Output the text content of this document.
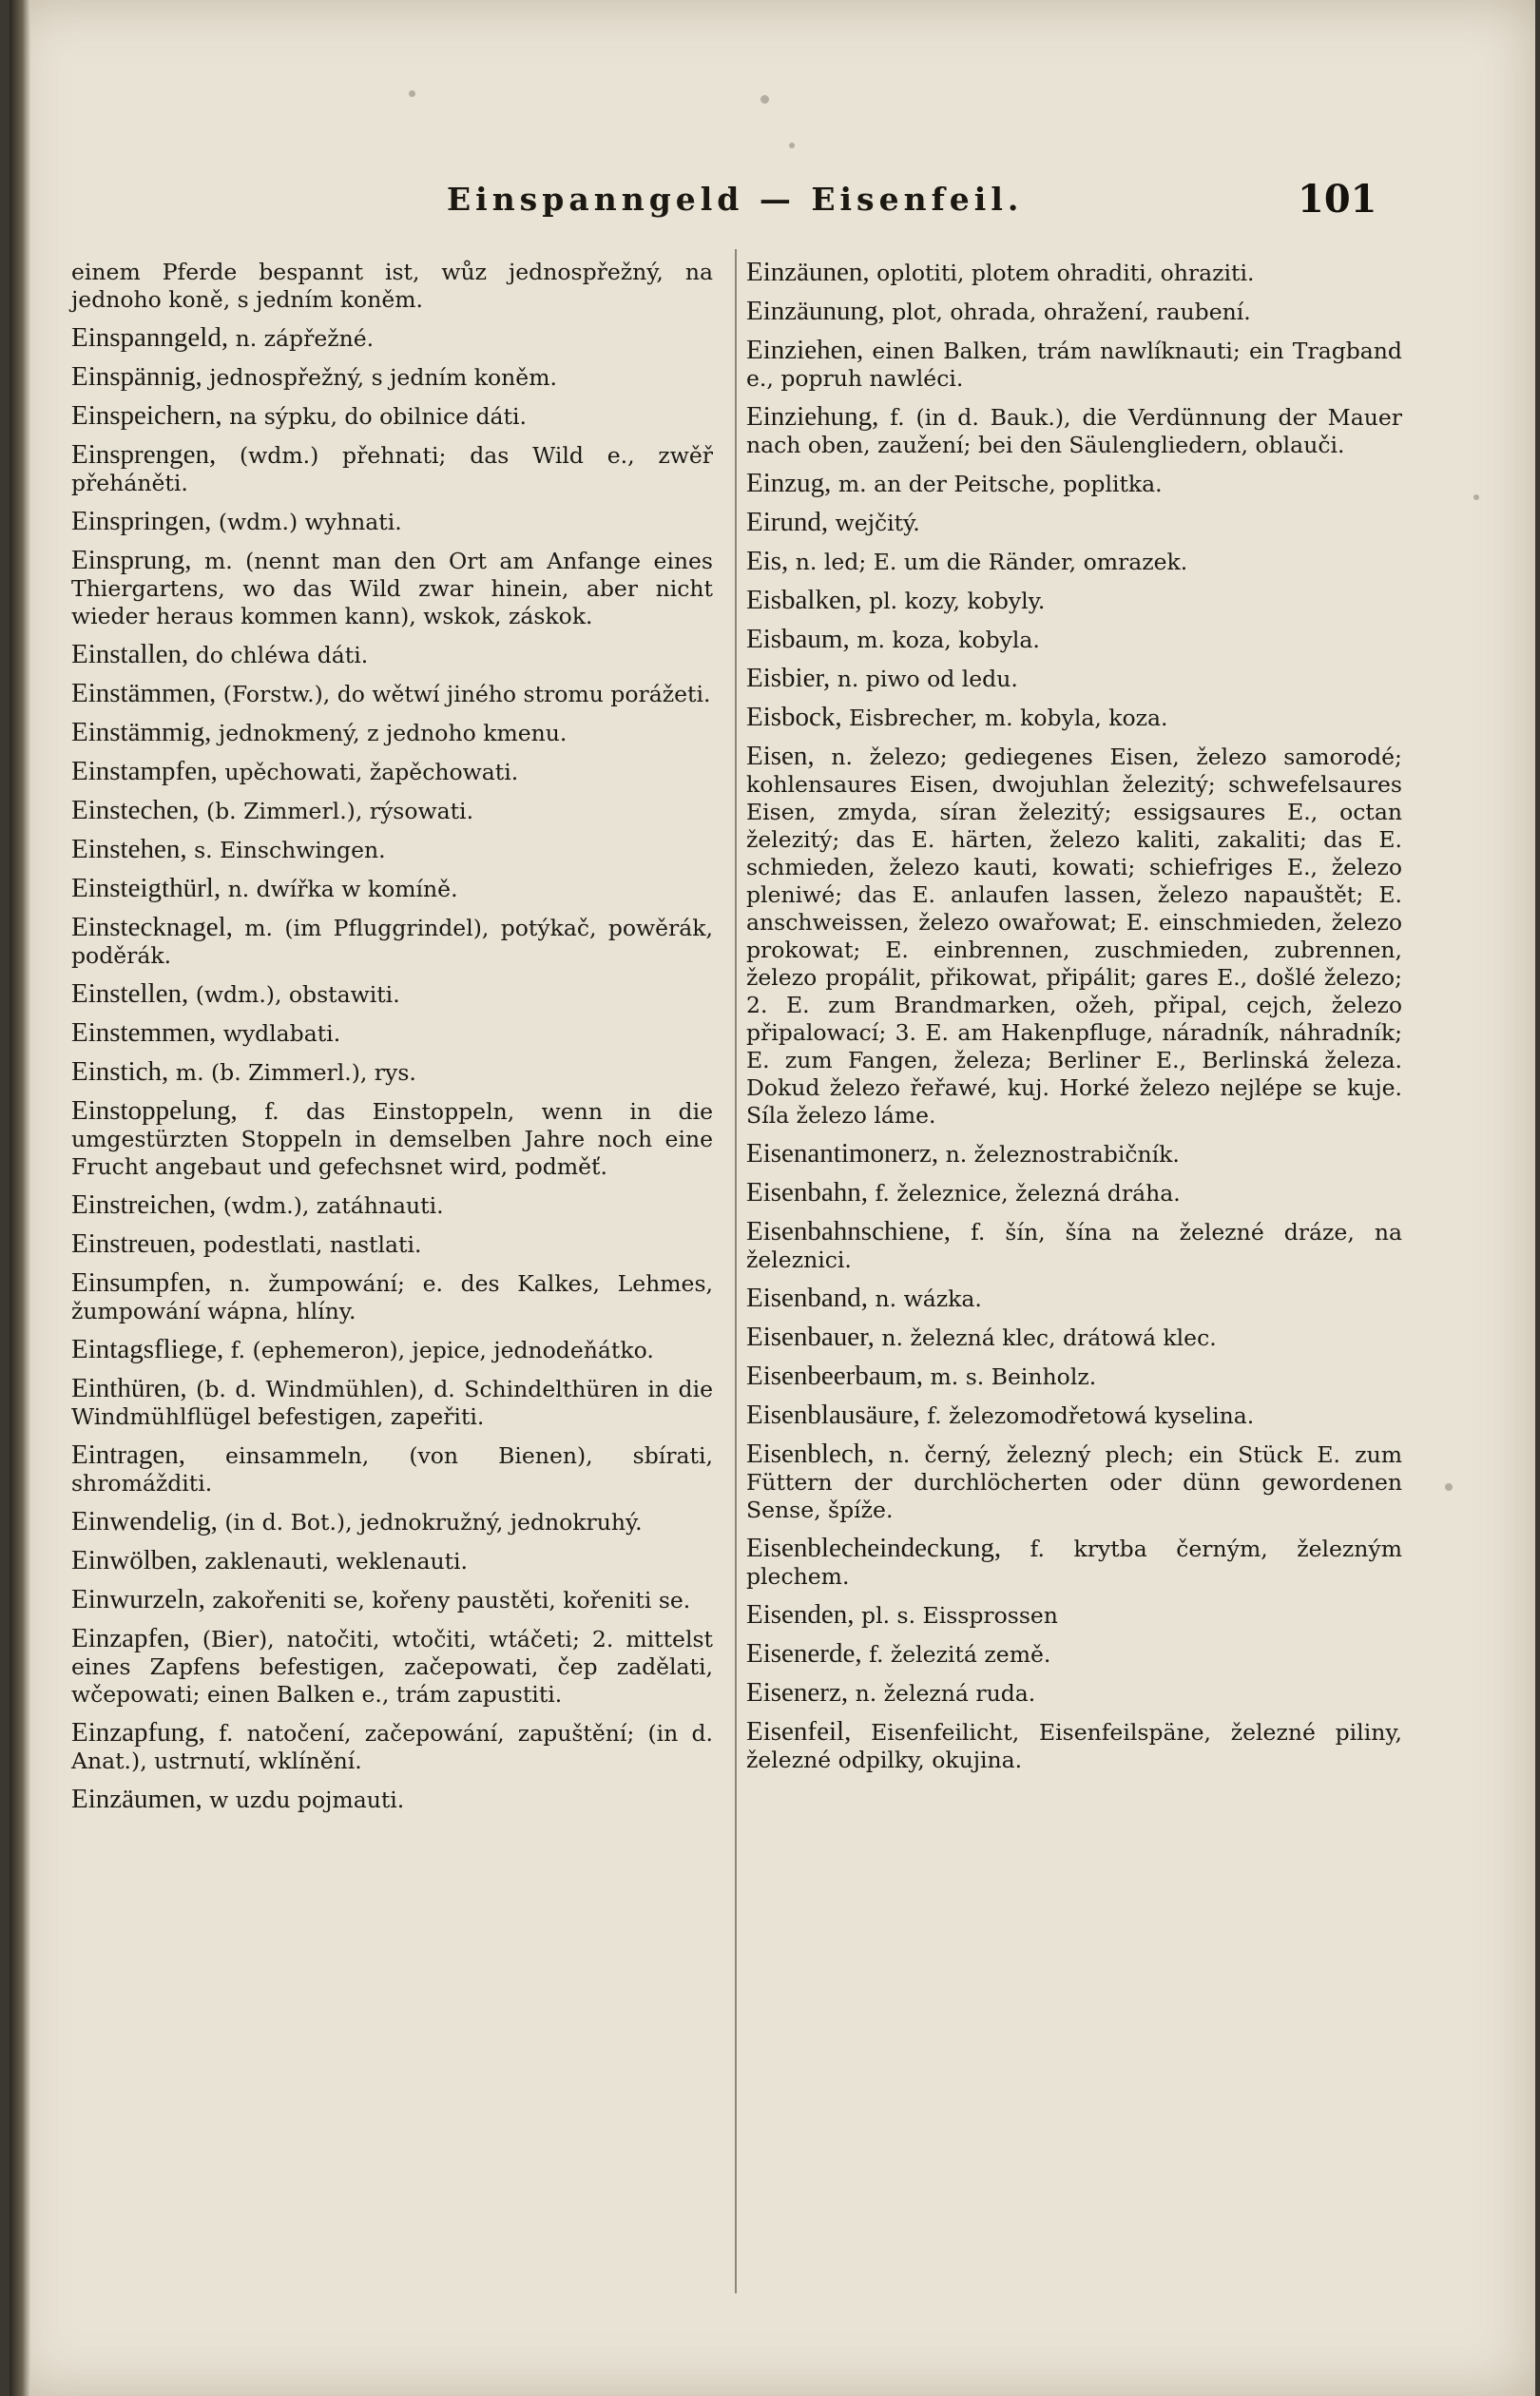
Einspanngeld — Eisenfeil.	101
einem Pferde bespannt ist, wůz jednospřežný, na jednoho koně, s jedním koněm.
Einspanngeld, n. zápřežné.
Einspännig, jednospřežný, s jedním koněm.
Einspeichern, na sýpku, do obilnice dáti.
Einsprengen, (wdm.) přehnati; das Wild e., zwěř přeháněti.
Einspringen, (wdm.) wyhnati.
Einsprung, m. (nennt man den Ort am Anfange eines Thiergartens, wo das Wild zwar hinein, aber nicht wieder heraus kommen kann), wskok, záskok.
Einstallen, do chléwa dáti.
Einstämmen, (Forstw.), do wětwí jiného stromu porážeti.
Einstämmig, jednokmený, z jednoho kmenu.
Einstampfen, upěchowati, žapěchowati.
Einstechen, (b. Zimmerl.), rýsowati.
Einstehen, s. Einschwingen.
Einsteigthürl, n. dwířka w komíně.
Einstecknagel, m. (im Pfluggrindel), potýkač, powěrák, poděrák.
Einstellen, (wdm.), obstawiti.
Einstemmen, wydlabati.
Einstich, m. (b. Zimmerl.), rys.
Einstoppelung, f. das Einstoppeln, wenn in die umgestürzten Stoppeln in demselben Jahre noch eine Frucht angebaut und gefechsnet wird, podměť.
Einstreichen, (wdm.), zatáhnauti.
Einstreuen, podestlati, nastlati.
Einsumpfen, n. žumpowání; e. des Kalkes, Lehmes, žumpowání wápna, hlíny.
Eintagsfliege, f. (ephemeron), jepice, jednodeňátko.
Einthüren, (b. d. Windmühlen), d. Schindelthüren in die Windmühlflügel befestigen, zapeřiti.
Eintragen, einsammeln, (von Bienen), sbírati, shromážditi.
Einwendelig, (in d. Bot.), jednokružný, jednokruhý.
Einwölben, zaklenauti, weklenauti.
Einwurzeln, zakořeniti se, kořeny paustěti, kořeniti se.
Einzapfen, (Bier), natočiti, wtočiti, wtáčeti; 2. mittelst eines Zapfens befestigen, začepowati, čep zadělati, wčepowati; einen Balken e., trám zapustiti.
Einzapfung, f. natočení, začepowání, zapuštění; (in d. Anat.), ustrnutí, wklínění.
Einzäumen, w uzdu pojmauti.
Einzäunen, oplotiti, plotem ohraditi, ohraziti.
Einzäunung, plot, ohrada, ohražení, raubení.
Einziehen, einen Balken, trám nawlíknauti; ein Tragband e., popruh nawléci.
Einziehung, f. (in d. Bauk.), die Verdünnung der Mauer nach oben, zaužení; bei den Säulengliedern, oblauči.
Einzug, m. an der Peitsche, poplitka.
Eirund, wejčitý.
Eis, n. led; E. um die Ränder, omrazek.
Eisbalken, pl. kozy, kobyly.
Eisbaum, m. koza, kobyla.
Eisbier, n. piwo od ledu.
Eisbock, Eisbrecher, m. kobyla, koza.
Eisen, n. železo; gediegenes Eisen, železo samorodé; kohlensaures Eisen, dwojuhlan železitý; schwefelsaures Eisen, zmyda, síran železitý; essigsaures E., octan železitý; das E. härten, železo kaliti, zakaliti; das E. schmieden, železo kauti, kowati; schiefriges E., železo pleniwé; das E. anlaufen lassen, železo napauštět; E. anschweissen, železo owařowat; E. einschmieden, železo prokowat; E. einbrennen, zuschmieden, zubrennen, železo propálit, přikowat, připálit; gares E., došlé železo; 2. E. zum Brandmarken, ožeh, připal, cejch, železo připalowací; 3. E. am Hakenpfluge, náradník, náhradník; E. zum Fangen, železa; Berliner E., Berlinská železa. Dokud železo řeřawé, kuj. Horké železo nejlépe se kuje. Síla železo láme.
Eisenantimonerz, n. železnostrabičník.
Eisenbahn, f. železnice, železná dráha.
Eisenbahnschiene, f. šín, šína na železné dráze, na železnici.
Eisenband, n. wázka.
Eisenbauer, n. železná klec, drátowá klec.
Eisenbeerbaum, m. s. Beinholz.
Eisenblausäure, f. železomodřetowá kyselina.
Eisenblech, n. černý, železný plech; ein Stück E. zum Füttern der durchlöcherten oder dünn gewordenen Sense, špíže.
Eisenblecheindeckung, f. krytba černým, železným plechem.
Eisenden, pl. s. Eissprossen
Eisenerde, f. železitá země.
Eisenerz, n. železná ruda.
Eisenfeil, Eisenfeilicht, Eisenfeilspäne, železné piliny, železné odpilky, okujina.
